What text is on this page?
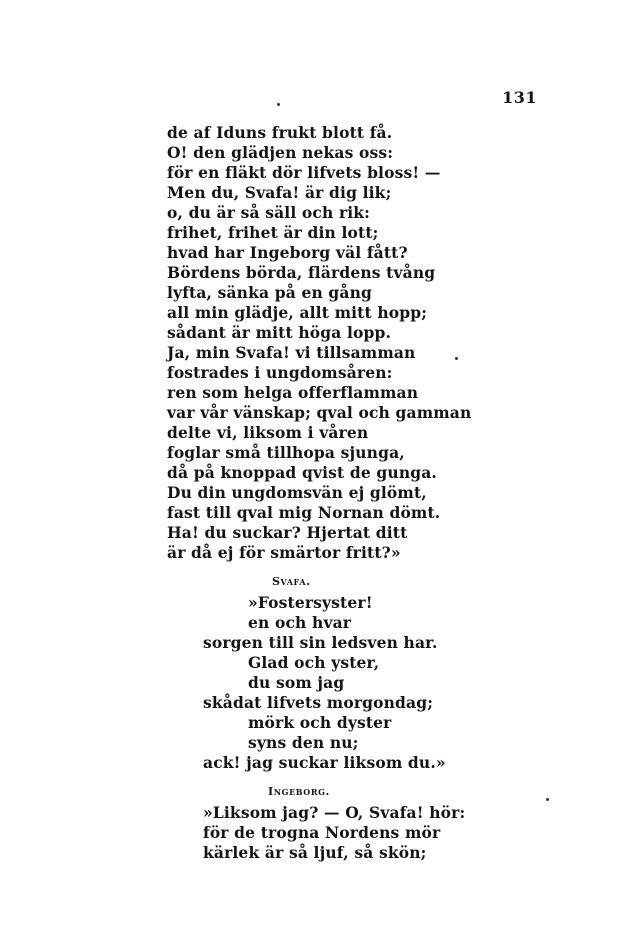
131
de af Iduns frukt blott få.
O! den glädjen nekas oss:
för en fläkt dör lifvets bloss! —
Men du, Svafa! är dig lik;
o, du är så säll och rik:
frihet, frihet är din lott;
hvad har Ingeborg väl fått?
Bördens börda, flärdens tvång
lyfta, sänka på en gång
all min glädje, allt mitt hopp;
sådant är mitt höga lopp.
Ja, min Svafa! vi tillsamman
fostrades i ungdomsåren:
ren som helga offerflamman
var vår vänskap; qval och gamman
delte vi, liksom i våren
foglar små tillhopa sjunga,
då på knoppad qvist de gunga.
Du din ungdomsvän ej glömt,
fast till qval mig Nornan dömt.
Ha! du suckar? Hjertat ditt
är då ej för smärtor fritt?»
Svafa.
»Fostersyster!
en och hvar
sorgen till sin ledsven har.
Glad och yster,
du som jag
skådat lifvets morgondag;
mörk och dyster
syns den nu;
ack! jag suckar liksom du.»
Ingeborg.
»Liksom jag? — O, Svafa! hör:
för de trogna Nordens mör
kärlek är så ljuf, så skön;
